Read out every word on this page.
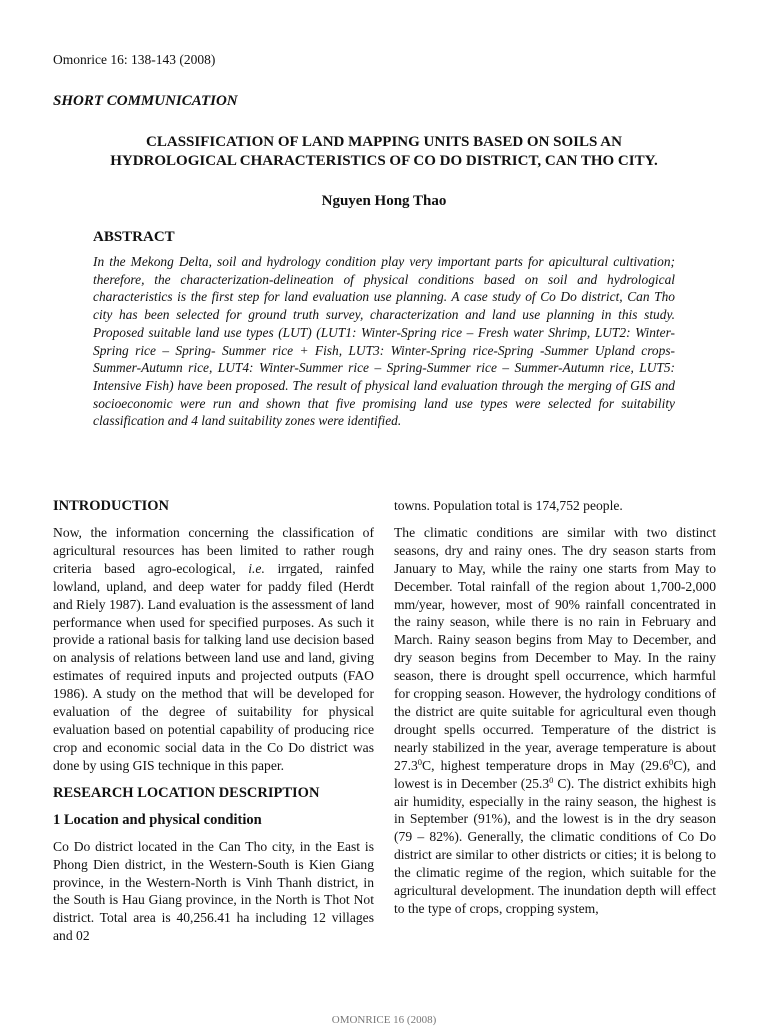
Omonrice 16: 138-143 (2008)
SHORT COMMUNICATION
CLASSIFICATION OF LAND MAPPING UNITS BASED ON SOILS AN
HYDROLOGICAL CHARACTERISTICS OF CO DO DISTRICT, CAN THO CITY.
Nguyen Hong Thao
ABSTRACT

In the Mekong Delta, soil and hydrology condition play very important parts for apicultural cultivation; therefore, the characterization-delineation of physical conditions based on soil and hydrological characteristics is the first step for land evaluation use planning. A case study of Co Do district, Can Tho city has been selected for ground truth survey, characterization and land use planning in this study. Proposed suitable land use types (LUT) (LUT1: Winter-Spring rice – Fresh water Shrimp, LUT2: Winter-Spring rice – Spring- Summer rice + Fish, LUT3: Winter-Spring rice-Spring -Summer Upland crops-Summer-Autumn rice, LUT4: Winter-Summer rice – Spring-Summer rice – Summer-Autumn rice, LUT5: Intensive Fish) have been proposed. The result of physical land evaluation through the merging of GIS and socioeconomic were run and shown that five promising land use types were selected for suitability classification and 4 land suitability zones were identified.

INTRODUCTION

Now, the information concerning the classification of agricultural resources has been limited to rather rough criteria based agro-ecological, i.e. irrgated, rainfed lowland, upland, and deep water for paddy filed (Herdt and Riely 1987). Land evaluation is the assessment of land performance when used for specified purposes. As such it provide a rational basis for talking land use decision based on analysis of relations between land use and land, giving estimates of required inputs and projected outputs (FAO 1986). A study on the method that will be developed for evaluation of the degree of suitability for physical evaluation based on potential capability of producing rice crop and economic social data in the Co Do district was done by using GIS technique in this paper.

RESEARCH LOCATION DESCRIPTION
1 Location and physical condition

Co Do district located in the Can Tho city, in the East is Phong Dien district, in the Western-South is Kien Giang province, in the Western-North is Vinh Thanh district, in the South is Hau Giang province, in the North is Thot Not district. Total area is 40,256.41 ha including 12 villages and 02

towns. Population total is 174,752 people.

The climatic conditions are similar with two distinct seasons, dry and rainy ones. The dry season starts from January to May, while the rainy one starts from May to December. Total rainfall of the region about 1,700-2,000 mm/year, however, most of 90% rainfall concentrated in the rainy season, while there is no rain in February and March. Rainy season begins from May to December, and dry season begins from December to May. In the rainy season, there is drought spell occurrence, which harmful for cropping season. However, the hydrology conditions of the district are quite suitable for agricultural even though drought spells occurred. Temperature of the district is nearly stabilized in the year, average temperature is about 27.3$^0$C, highest temperature drops in May (29.6$^0$C), and lowest is in December (25.3$^0$ C). The district exhibits high air humidity, especially in the rainy season, the highest is in September (91%), and the lowest is in the dry season (79 – 82%). Generally, the climatic conditions of Co Do district are similar to other districts or cities; it is belong to the climatic regime of the region, which suitable for the agricultural development. The inundation depth will effect to the type of crops, cropping system,

OMONRICE 16 (2008)
